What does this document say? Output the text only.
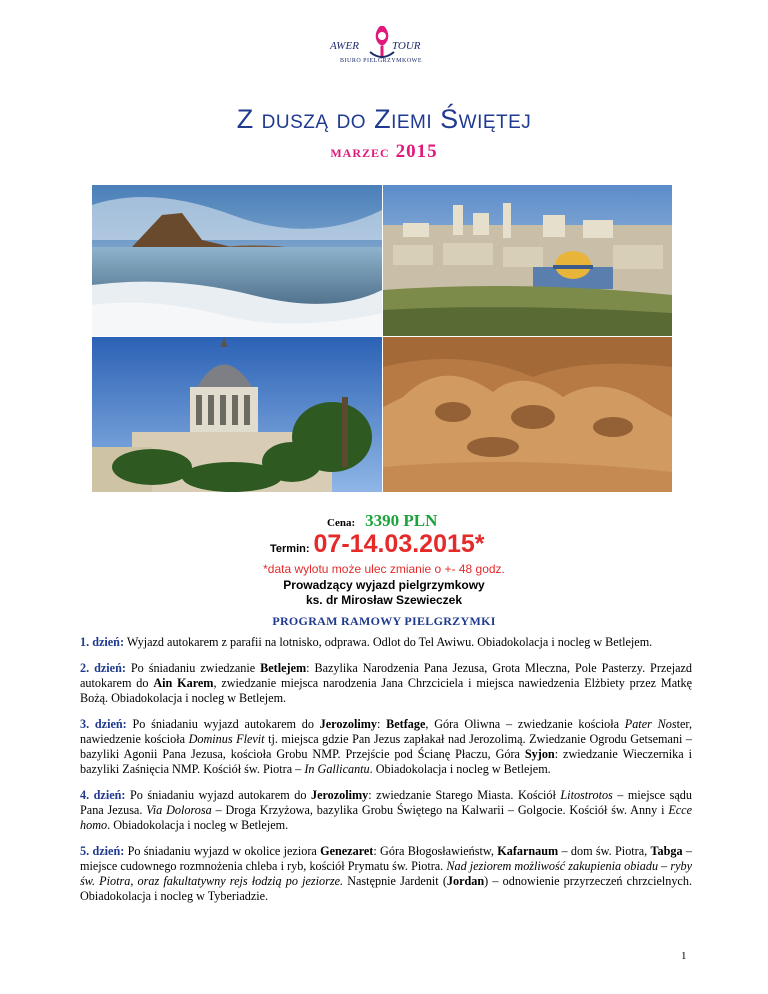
AWER	TOUR
BIURO PIELGRZYMKOWE
Z duszą do Ziemi Świętej
marzec 2015
Cena: 3390 PLN
Termin: 07-14.03.2015*
*data wylotu może ulec zmianie o +- 48 godz.
Prowadzący wyjazd pielgrzymkowy
ks. dr Mirosław Szewieczek
PROGRAM RAMOWY PIELGRZYMKI

1. dzień: Wyjazd autokarem z parafii na lotnisko, odprawa. Odlot do Tel Awiwu. Obiadokolacja i nocleg w Betlejem.

2. dzień: Po śniadaniu zwiedzanie Betlejem: Bazylika Narodzenia Pana Jezusa, Grota Mleczna, Pole Pasterzy. Przejazd autokarem do Ain Karem, zwiedzanie miejsca narodzenia Jana Chrzciciela i miejsca nawiedzenia Elżbiety przez Matkę Bożą. Obiadokolacja i nocleg w Betlejem.

3. dzień: Po śniadaniu wyjazd autokarem do Jerozolimy: Betfage, Góra Oliwna – zwiedzanie kościoła Pater Noster, nawiedzenie kościoła Dominus Flevit tj. miejsca gdzie Pan Jezus zapłakał nad Jerozolimą. Zwiedzanie Ogrodu Getsemani – bazyliki Agonii Pana Jezusa, kościoła Grobu NMP. Przejście pod Ścianę Płaczu, Góra Syjon: zwiedzanie Wieczernika i bazyliki Zaśnięcia NMP. Kościół św. Piotra – In Gallicantu. Obiadokolacja i nocleg w Betlejem.

4. dzień: Po śniadaniu wyjazd autokarem do Jerozolimy: zwiedzanie Starego Miasta. Kościół Litostrotos – miejsce sądu Pana Jezusa. Via Dolorosa – Droga Krzyżowa, bazylika Grobu Świętego na Kalwarii – Golgocie. Kościół św. Anny i Ecce homo. Obiadokolacja i nocleg w Betlejem.

5. dzień: Po śniadaniu wyjazd w okolice jeziora Genezaret: Góra Błogosławieństw, Kafarnaum – dom św. Piotra, Tabga – miejsce cudownego rozmnożenia chleba i ryb, kościół Prymatu św. Piotra. Nad jeziorem możliwość zakupienia obiadu – ryby św. Piotra, oraz fakultatywny rejs łodzią po jeziorze. Następnie Jardenit (Jordan) – odnowienie przyrzeczeń chrzcielnych. Obiadokolacja i nocleg w Tyberiadzie.

1
